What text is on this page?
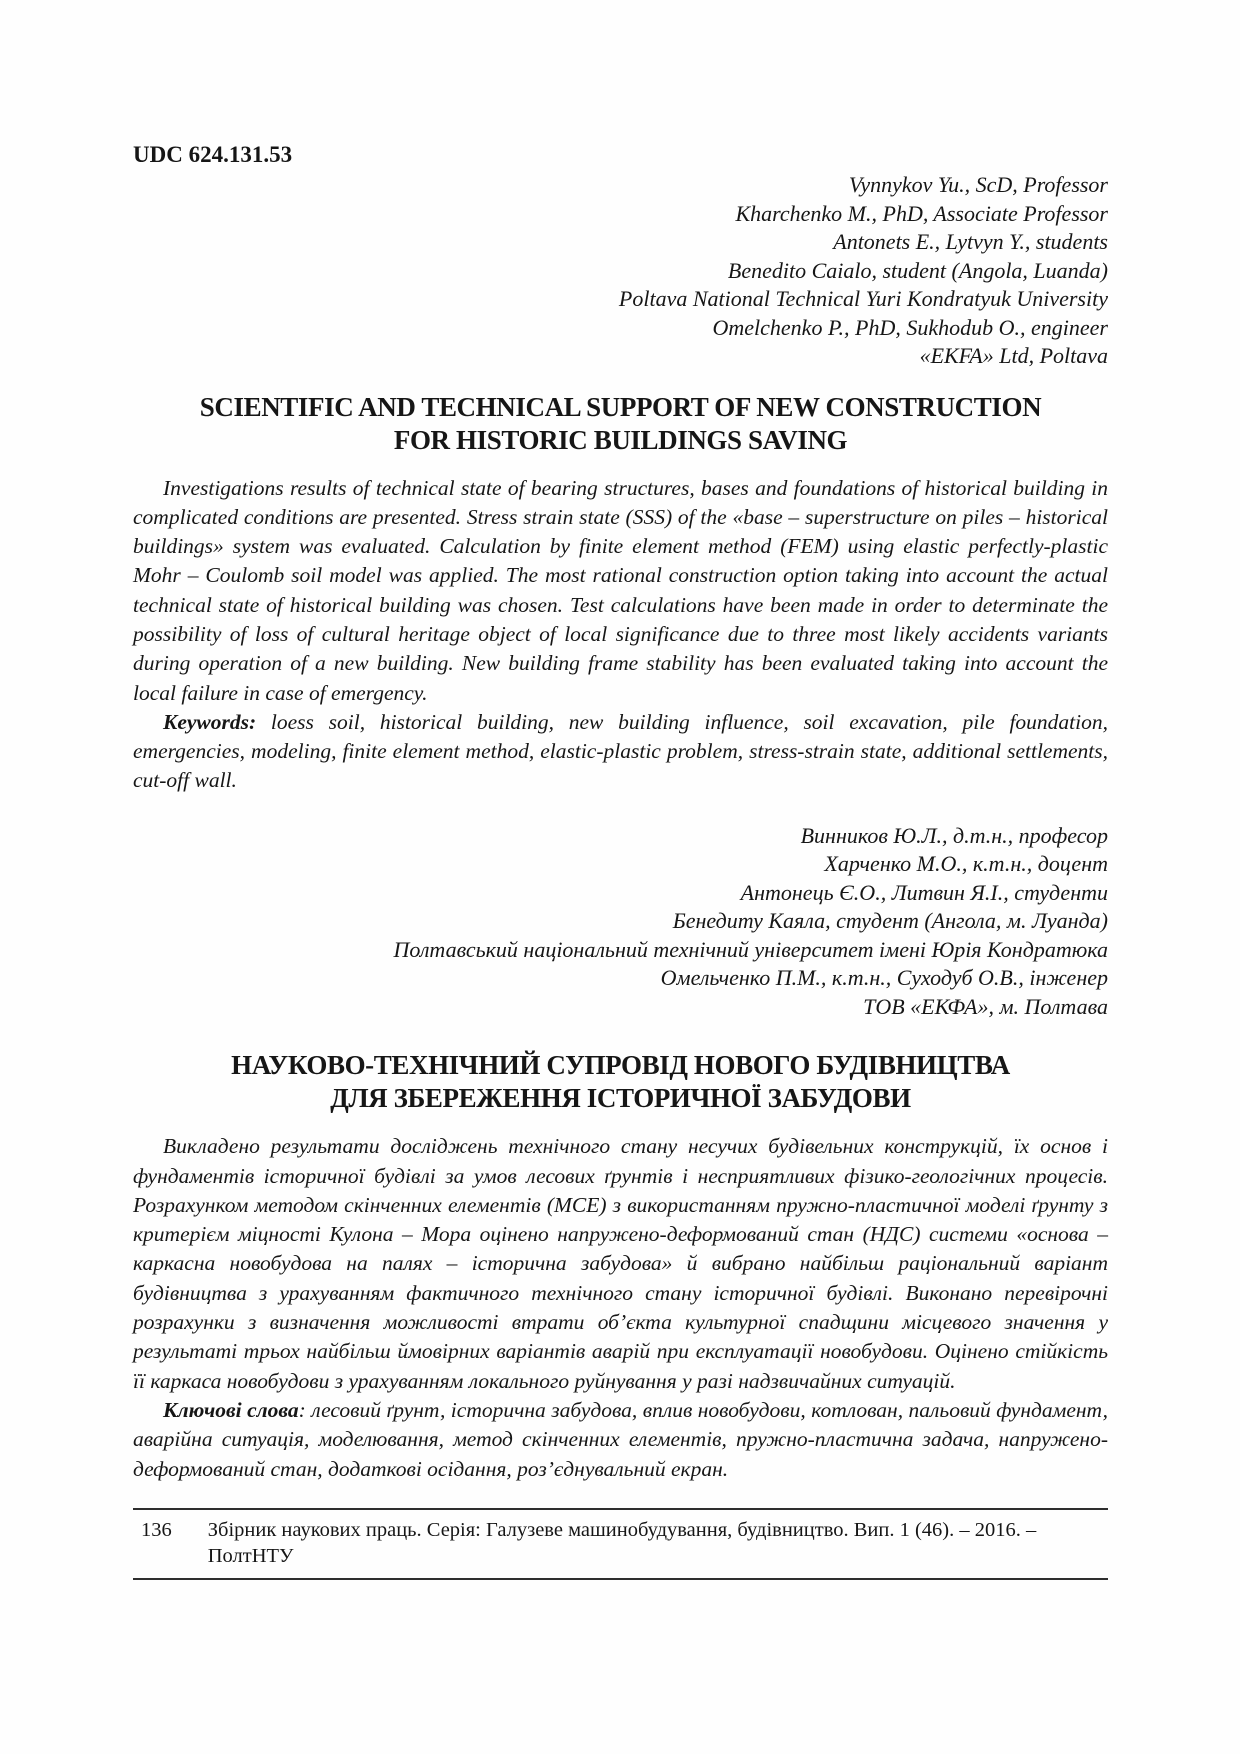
UDC 624.131.53
Vynnykov Yu., ScD, Professor
Kharchenko M., PhD, Associate Professor
Antonets E., Lytvyn Y., students
Benedito Caialo, student (Angola, Luanda)
Poltava National Technical Yuri Kondratyuk University
Omelchenko P., PhD, Sukhodub O., engineer
«EKFA» Ltd, Poltava
SCIENTIFIC AND TECHNICAL SUPPORT OF NEW CONSTRUCTION
FOR HISTORIC BUILDINGS SAVING

Investigations results of technical state of bearing structures, bases and foundations of historical building in complicated conditions are presented. Stress strain state (SSS) of the «base – superstructure on piles – historical buildings» system was evaluated. Calculation by finite element method (FEM) using elastic perfectly-plastic Mohr – Coulomb soil model was applied. The most rational construction option taking into account the actual technical state of historical building was chosen. Test calculations have been made in order to determinate the possibility of loss of cultural heritage object of local significance due to three most likely accidents variants during operation of a new building. New building frame stability has been evaluated taking into account the local failure in case of emergency.

Keywords: loess soil, historical building, new building influence, soil excavation, pile foundation, emergencies, modeling, finite element method, elastic-plastic problem, stress-strain state, additional settlements, cut-off wall.

Винников Ю.Л., д.т.н., професор
Харченко М.О., к.т.н., доцент
Антонець Є.О., Литвин Я.І., студенти
Бенедиту Каяла, студент (Ангола, м. Луанда)
Полтавський національний технічний університет імені Юрія Кондратюка
Омельченко П.М., к.т.н., Суходуб О.В., інженер
ТОВ «ЕКФА», м. Полтава
НАУКОВО-ТЕХНІЧНИЙ СУПРОВІД НОВОГО БУДІВНИЦТВА
ДЛЯ ЗБЕРЕЖЕННЯ ІСТОРИЧНОЇ ЗАБУДОВИ

Викладено результати досліджень технічного стану несучих будівельних конструкцій, їх основ і фундаментів історичної будівлі за умов лесових ґрунтів і несприятливих фізико-геологічних процесів. Розрахунком методом скінченних елементів (МСЕ) з використанням пружно-пластичної моделі ґрунту з критерієм міцності Кулона – Мора оцінено напружено-деформований стан (НДС) системи «основа – каркасна новобудова на палях – історична забудова» й вибрано найбільш раціональний варіант будівництва з урахуванням фактичного технічного стану історичної будівлі. Виконано перевірочні розрахунки з визначення можливості втрати об’єкта культурної спадщини місцевого значення у результаті трьох найбільш ймовірних варіантів аварій при експлуатації новобудови. Оцінено стійкість її каркаса новобудови з урахуванням локального руйнування у разі надзвичайних ситуацій.

Ключові слова: лесовий ґрунт, історична забудова, вплив новобудови, котлован, пальовий фундамент, аварійна ситуація, моделювання, метод скінченних елементів, пружно-пластична задача, напружено-деформований стан, додаткові осідання, роз’єднувальний екран.

136 Збірник наукових праць. Серія: Галузеве машинобудування, будівництво. Вип. 1 (46). – 2016. – ПолтНТУ
